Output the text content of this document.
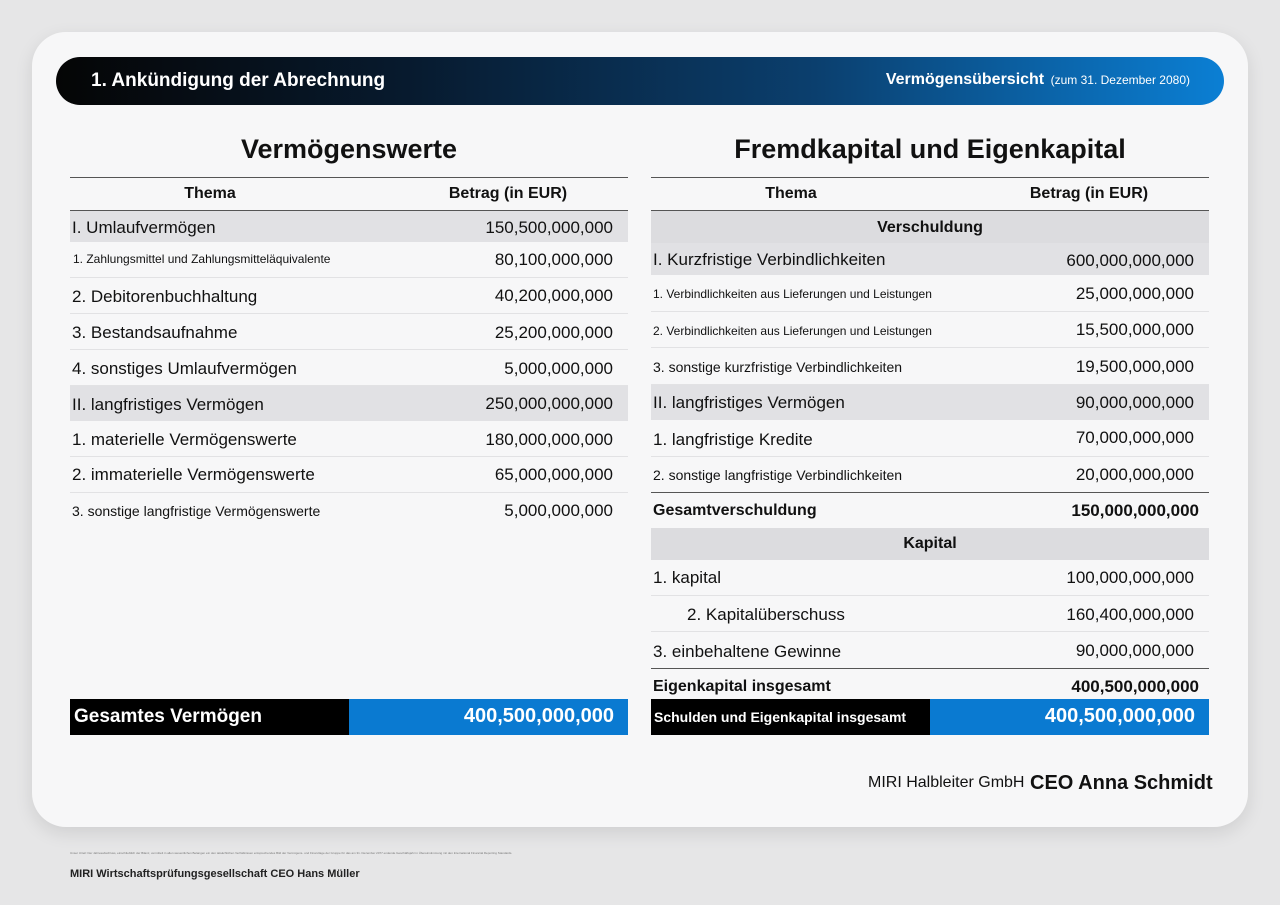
1. Ankündigung der Abrechnung	Vermögensübersicht (zum 31. Dezember 2080)
Vermögenswerte
Thema	Betrag (in EUR)
I. Umlaufvermögen	150,500,000,000
1. Zahlungsmittel und Zahlungsmitteläquivalente	80,100,000,000
2. Debitorenbuchhaltung	40,200,000,000
3. Bestandsaufnahme	25,200,000,000
4. sonstiges Umlaufvermögen	5,000,000,000
II. langfristiges Vermögen	250,000,000,000
1. materielle Vermögenswerte	180,000,000,000
2. immaterielle Vermögenswerte	65,000,000,000
3. sonstige langfristige Vermögenswerte	5,000,000,000
Gesamtes Vermögen	400,500,000,000
Fremdkapital und Eigenkapital
Thema	Betrag (in EUR)
Verschuldung
I. Kurzfristige Verbindlichkeiten	600,000,000,000
1. Verbindlichkeiten aus Lieferungen und Leistungen	25,000,000,000
2. Verbindlichkeiten aus Lieferungen und Leistungen	15,500,000,000
3. sonstige kurzfristige Verbindlichkeiten	19,500,000,000
II. langfristiges Vermögen	90,000,000,000
1. langfristige Kredite	70,000,000,000
2. sonstige langfristige Verbindlichkeiten	20,000,000,000
Gesamtverschuldung	150,000,000,000
Kapital
1. kapital	100,000,000,000
2. Kapitalüberschuss	160,400,000,000
3. einbehaltene Gewinne	90,000,000,000
Eigenkapital insgesamt	400,500,000,000
Schulden und Eigenkapital insgesamt	400,500,000,000
MIRI Halbleiter GmbH CEO Anna Schmidt
Unser Urteil: Der Jahresabschluss, einschließlich der Bilanz, vermittelt in allen wesentlichen Belangen ein den tatsächlichen Verhältnissen entsprechendes Bild der Vermögens- und Finanzlage der Gruppe für das am 31. Dezember 2077 endende Geschäftsjahr in Übereinstimmung mit den International Financial Reporting Standards.
MIRI Wirtschaftsprüfungsgesellschaft CEO Hans Müller
